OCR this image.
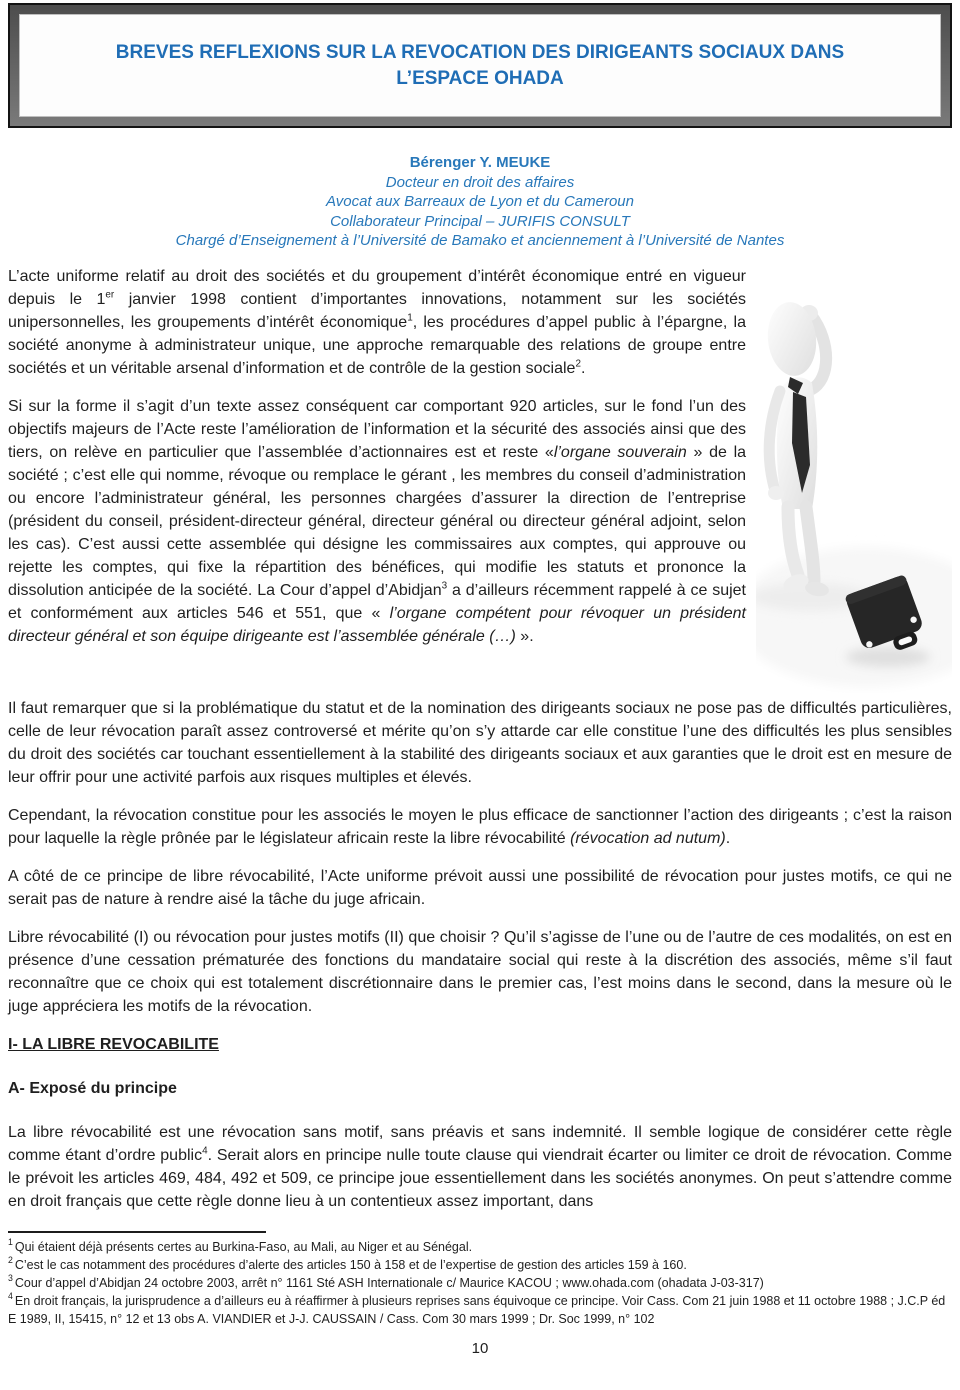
BREVES REFLEXIONS SUR LA REVOCATION DES DIRIGEANTS SOCIAUX DANS L’ESPACE OHADA
Bérenger Y. MEUKE
Docteur en droit des affaires
Avocat aux Barreaux de Lyon et du Cameroun
Collaborateur Principal – JURIFIS CONSULT
Chargé d’Enseignement à l’Université de Bamako et anciennement à l’Université de Nantes

L’acte uniforme relatif au droit des sociétés et du groupement d’intérêt économique entré en vigueur depuis le 1er janvier 1998 contient d’importantes innovations, notamment sur les sociétés unipersonnelles, les groupements d’intérêt économique$^1$, les procédures d’appel public à l’épargne, la société anonyme à administrateur unique, une approche remarquable des relations de groupe entre sociétés et un véritable arsenal d’information et de contrôle de la gestion sociale$^2$.

Si sur la forme il s’agit d’un texte assez conséquent car comportant 920 articles, sur le fond l’un des objectifs majeurs de l’Acte reste l’amélioration de l’information et la sécurité des associés ainsi que des tiers, on relève en particulier que l’assemblée d’actionnaires est et reste «l’organe souverain » de la société ; c’est elle qui nomme, révoque ou remplace le gérant , les membres du conseil d’administration ou encore l’administrateur général, les personnes chargées d’assurer la direction de l’entreprise (président du conseil, président-directeur général, directeur général ou directeur général adjoint, selon les cas). C’est aussi cette assemblée qui désigne les commissaires aux comptes, qui approuve ou rejette les comptes, qui fixe la répartition des bénéfices, qui modifie les statuts et prononce la dissolution anticipée de la société. La Cour d’appel d’Abidjan$^3$ a d’ailleurs récemment rappelé à ce sujet et conformément aux articles 546 et 551, que « l’organe compétent pour révoquer un président directeur général et son équipe dirigeante est l’assemblée générale (…) ».

Il faut remarquer que si la problématique du statut et de la nomination des dirigeants sociaux ne pose pas de difficultés particulières, celle de leur révocation paraît assez controversé et mérite qu’on s’y attarde car elle constitue l’une des difficultés les plus sensibles du droit des sociétés car touchant essentiellement à la stabilité des dirigeants sociaux et aux garanties que le droit est en mesure de leur offrir pour une activité parfois aux risques multiples et élevés.

Cependant, la révocation constitue pour les associés le moyen le plus efficace de sanctionner l’action des dirigeants ; c’est la raison pour laquelle la règle prônée par le législateur africain reste la libre révocabilité (révocation ad nutum).

A côté de ce principe de libre révocabilité, l’Acte uniforme prévoit aussi une possibilité de révocation pour justes motifs, ce qui ne serait pas de nature à rendre aisé la tâche du juge africain.

Libre révocabilité (I) ou révocation pour justes motifs (II) que choisir ? Qu’il s’agisse de l’une ou de l’autre de ces modalités, on est en présence d’une cessation prématurée des fonctions du mandataire social qui reste à la discrétion des associés, même s’il faut reconnaître que ce choix qui est totalement discrétionnaire dans le premier cas, l’est moins dans le second, dans la mesure où le juge appréciera les motifs de la révocation.

I- LA LIBRE REVOCABILITE
A- Exposé du principe

La libre révocabilité est une révocation sans motif, sans préavis et sans indemnité. Il semble logique de considérer cette règle comme étant d’ordre public$^4$. Serait alors en principe nulle toute clause qui viendrait écarter ou limiter ce droit de révocation. Comme le prévoit les articles 469, 484, 492 et 509, ce principe joue essentiellement dans les sociétés anonymes. On peut s’attendre comme en droit français que cette règle donne lieu à un contentieux assez important, dans

$^1$ Qui étaient déjà présents certes au Burkina-Faso, au Mali, au Niger et au Sénégal.

$^2$ C’est le cas notamment des procédures d’alerte des articles 150 à 158 et de l’expertise de gestion des articles 159 à 160.

$^3$ Cour d’appel d’Abidjan 24 octobre 2003, arrêt n° 1161 Sté ASH Internationale c/ Maurice KACOU ; www.ohada.com (ohadata J-03-317)

$^4$ En droit français, la jurisprudence a d’ailleurs eu à réaffirmer à plusieurs reprises sans équivoque ce principe. Voir Cass. Com 21 juin 1988 et 11 octobre 1988 ; J.C.P éd E 1989, II, 15415, n° 12 et 13 obs A. VIANDIER et J-J. CAUSSAIN / Cass. Com 30 mars 1999 ; Dr. Soc 1999, n° 102

10
